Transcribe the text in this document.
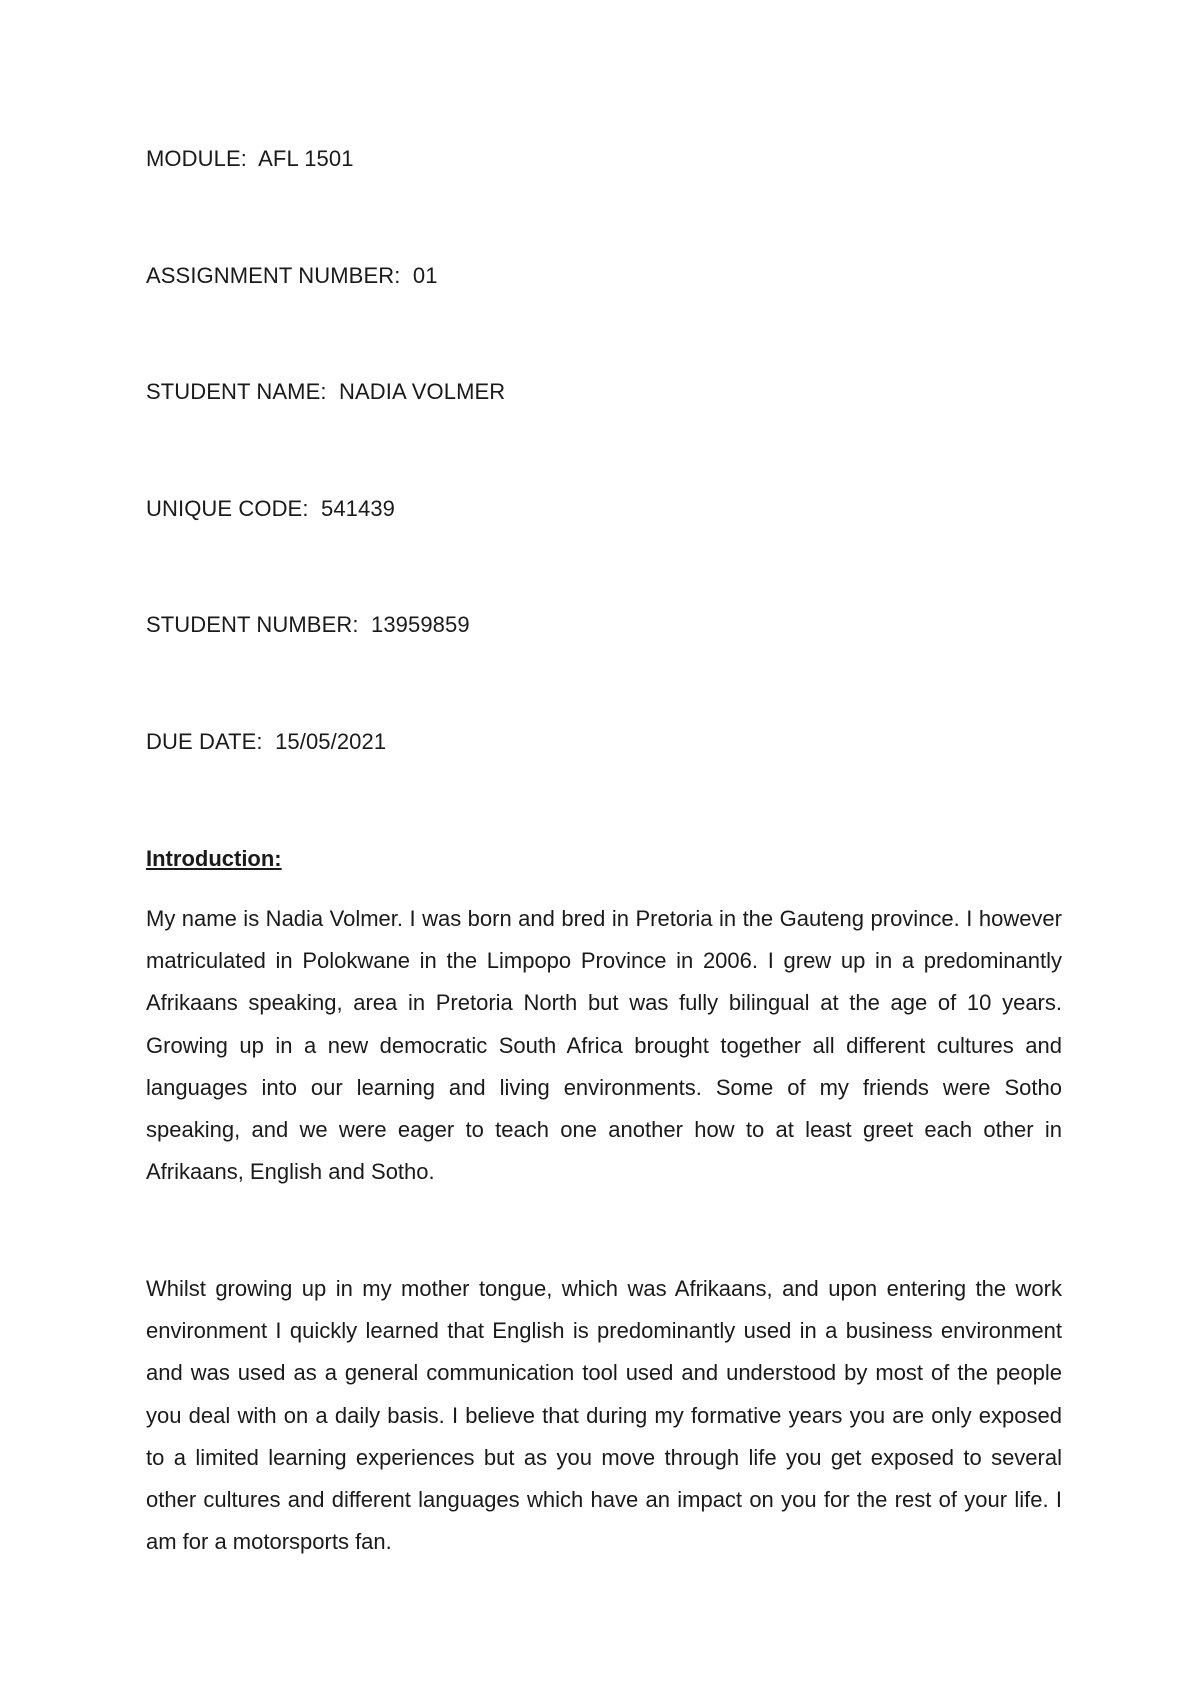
MODULE: AFL 1501

ASSIGNMENT NUMBER: 01

STUDENT NAME: NADIA VOLMER

UNIQUE CODE: 541439

STUDENT NUMBER: 13959859

DUE DATE: 15/05/2021

Introduction:

My name is Nadia Volmer. I was born and bred in Pretoria in the Gauteng province. I however matriculated in Polokwane in the Limpopo Province in 2006. I grew up in a predominantly Afrikaans speaking, area in Pretoria North but was fully bilingual at the age of 10 years. Growing up in a new democratic South Africa brought together all different cultures and languages into our learning and living environments. Some of my friends were Sotho speaking, and we were eager to teach one another how to at least greet each other in Afrikaans, English and Sotho.

Whilst growing up in my mother tongue, which was Afrikaans, and upon entering the work environment I quickly learned that English is predominantly used in a business environment and was used as a general communication tool used and understood by most of the people you deal with on a daily basis. I believe that during my formative years you are only exposed to a limited learning experiences but as you move through life you get exposed to several other cultures and different languages which have an impact on you for the rest of your life. I am for a motorsports fan.
